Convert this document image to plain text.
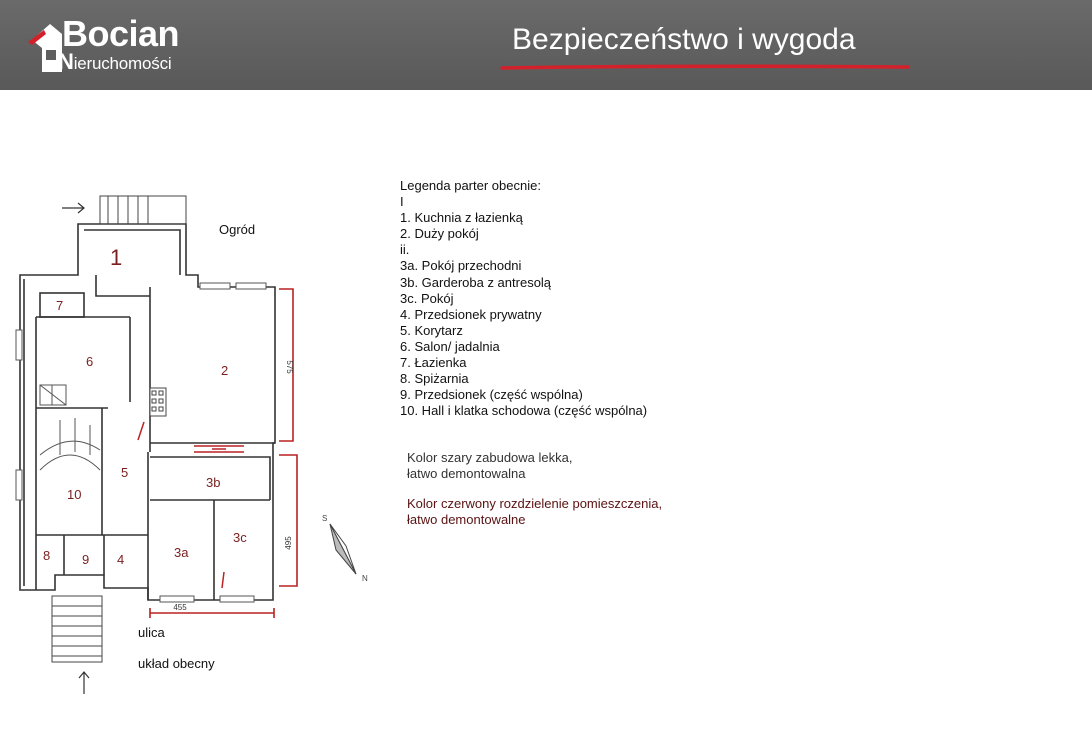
Bocian
Nieruchomości
Bezpieczeństwo i wygoda
575
495
455
1
2
3b
3a
3c
4
5
6
7
8 9
10
Ogród
ulica
układ obecny
S
N
Legenda parter obecnie:
I
1. Kuchnia z łazienką
2. Duży pokój
ii.
3a. Pokój przechodni
3b. Garderoba z antresolą
3c. Pokój
4. Przedsionek prywatny
5. Korytarz
6. Salon/ jadalnia
7. Łazienka
8. Spiżarnia
9. Przedsionek (część wspólna)
10. Hall i klatka schodowa (część wspólna)
Kolor szary zabudowa lekka,
łatwo demontowalna
Kolor czerwony rozdzielenie pomieszczenia,
łatwo demontowalne
